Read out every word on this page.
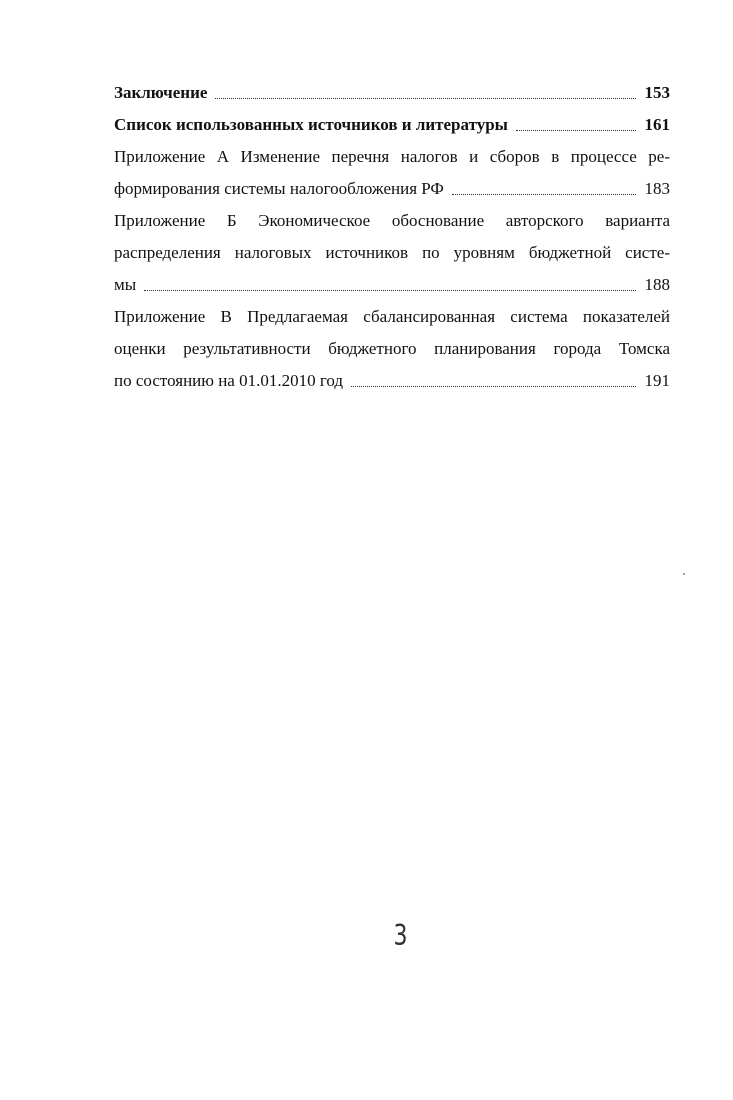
Заключение	153
Список использованных источников и литературы	161
Приложение А Изменение перечня налогов и сборов в процессе ре-
формирования системы налогообложения РФ	183
Приложение Б Экономическое обоснование авторского варианта
распределения налоговых источников по уровням бюджетной систе-
мы	188
Приложение В Предлагаемая сбалансированная система показателей
оценки результативности бюджетного планирования города Томска
по состоянию на 01.01.2010 год	191
3
